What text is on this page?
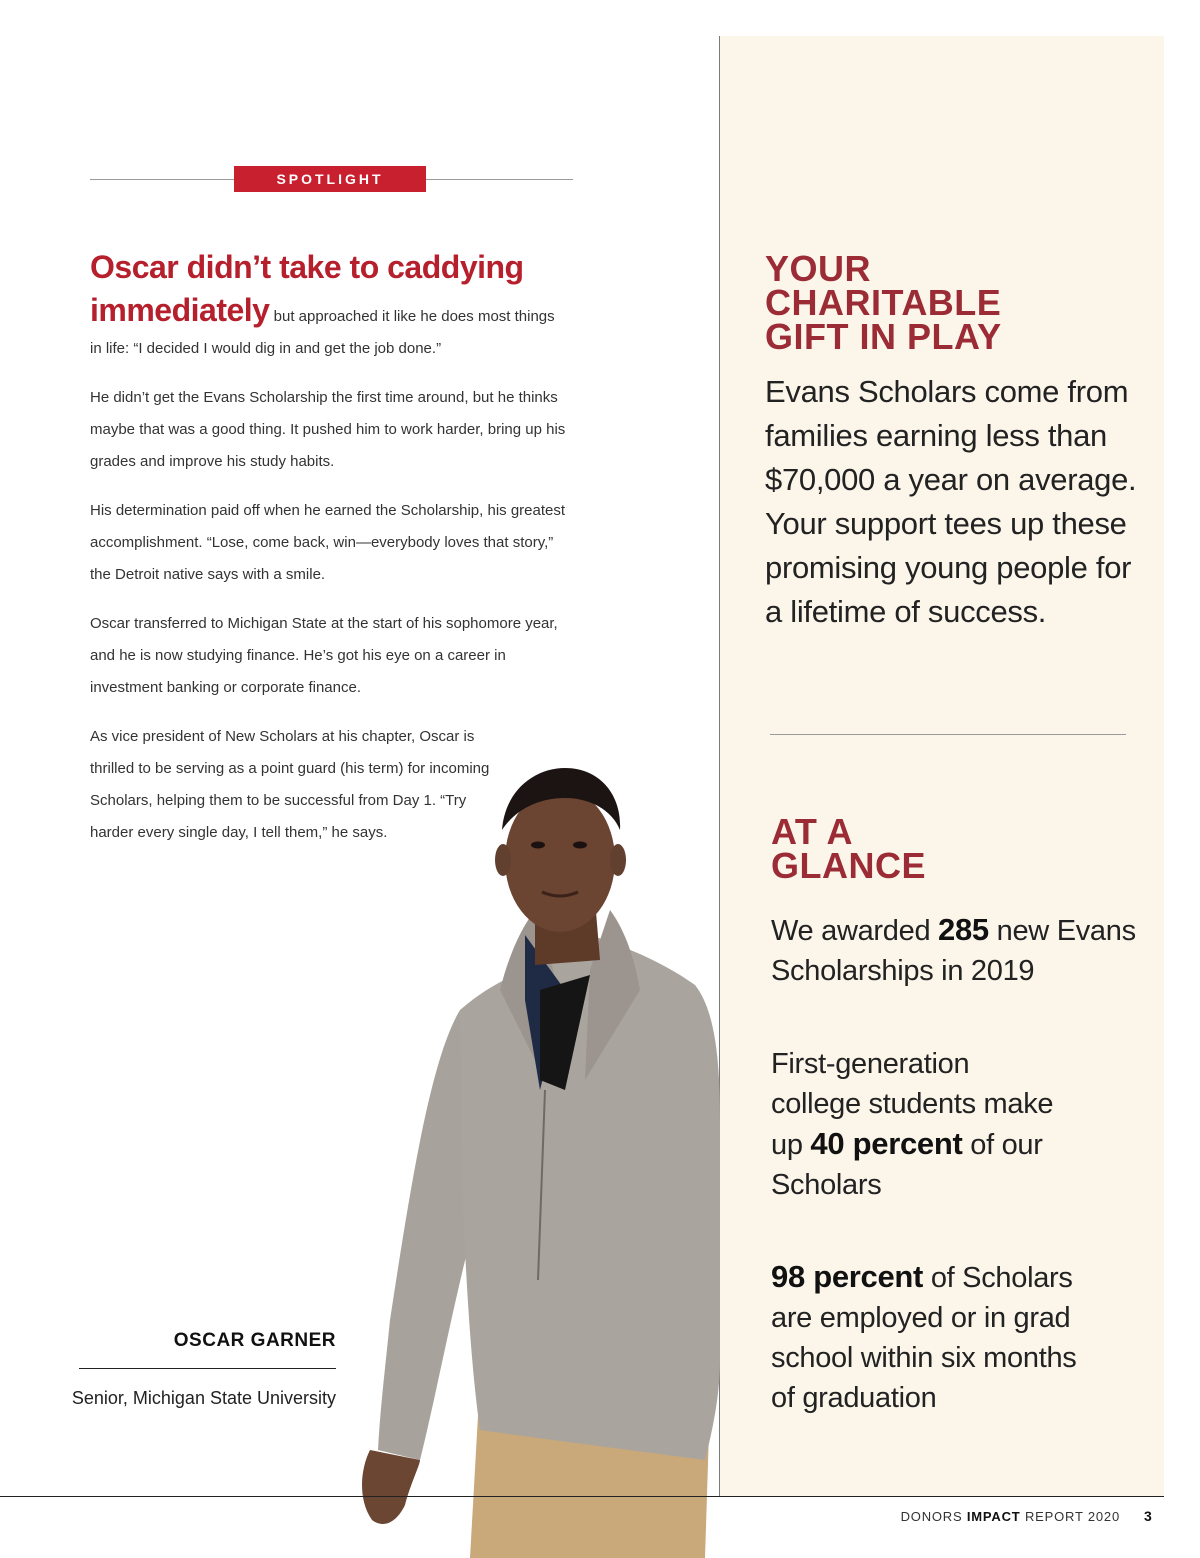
SPOTLIGHT
Oscar didn’t take to caddying immediately but approached it like he does most things in life: “I decided I would dig in and get the job done.”

He didn’t get the Evans Scholarship the first time around, but he thinks maybe that was a good thing. It pushed him to work harder, bring up his grades and improve his study habits.

His determination paid off when he earned the Scholarship, his greatest accomplishment. “Lose, come back, win—everybody loves that story,” the Detroit native says with a smile.

Oscar transferred to Michigan State at the start of his sophomore year, and he is now studying finance. He’s got his eye on a career in investment banking or corporate finance.

As vice president of New Scholars at his chapter, Oscar is thrilled to be serving as a point guard (his term) for incoming Scholars, helping them to be successful from Day 1. “Try harder every single day, I tell them,” he says.

OSCAR GARNER
Senior, Michigan State University
YOUR
CHARITABLE
GIFT IN PLAY
Evans Scholars come from families earning less than $70,000 a year on average. Your support tees up these promising young people for a lifetime of success.
AT A
GLANCE
We awarded 285 new Evans Scholarships in 2019
First-generation college students make up 40 percent of our Scholars
98 percent of Scholars are employed or in grad school within six months of graduation
DONORS IMPACT REPORT 2020 3
